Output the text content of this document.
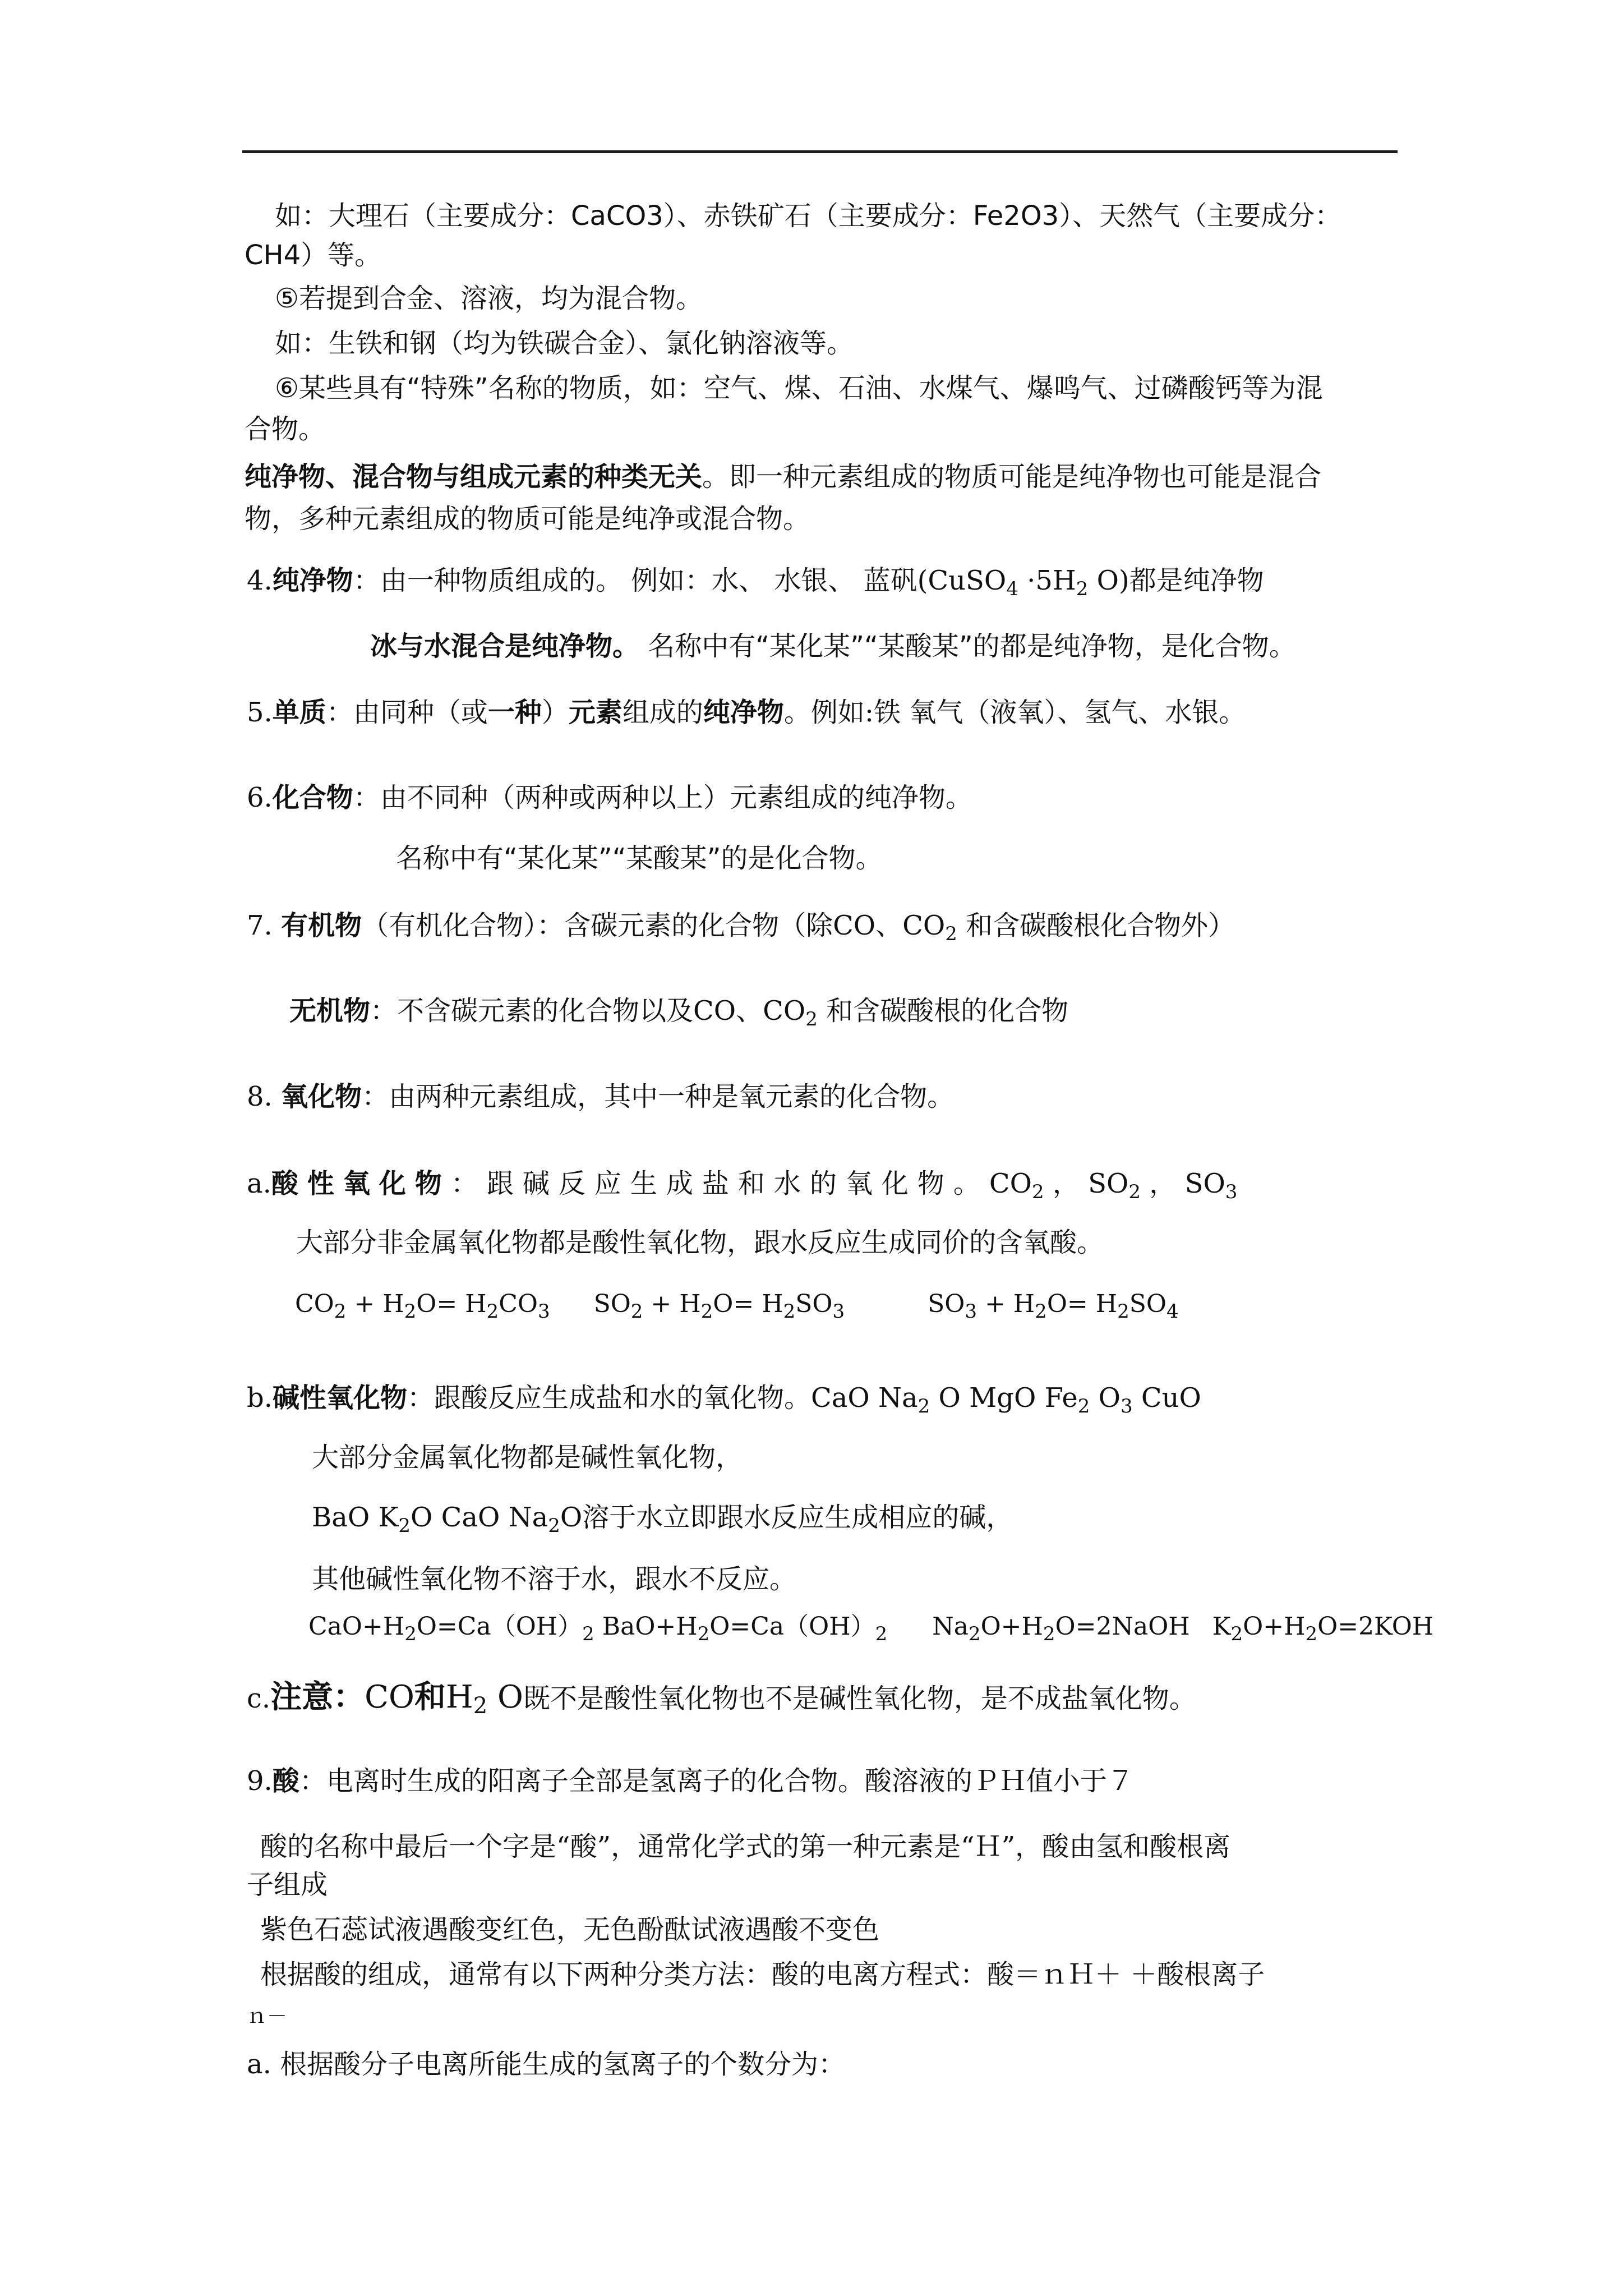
如：大理石（主要成分：CaCO3）、赤铁矿石（主要成分：Fe2O3）、天然气（主要成分：
CH4）等。
⑤若提到合金、溶液，均为混合物。
如：生铁和钢（均为铁碳合金）、氯化钠溶液等。
⑥某些具有“特殊”名称的物质，如：空气、煤、石油、水煤气、爆鸣气、过磷酸钙等为混
合物。
纯净物、混合物与组成元素的种类无关。即一种元素组成的物质可能是纯净物也可能是混合
物，多种元素组成的物质可能是纯净或混合物。
4.纯净物：由一种物质组成的。 例如：水、 水银、 蓝矾(CuSO$_4$ $\cdot 5H_2$ O)都是纯净物
冰与水混合是纯净物。 名称中有“某化某”“某酸某”的都是纯净物，是化合物。
5.单质：由同种（或一种）元素组成的纯净物。例如:铁 氧气（液氧）、氢气、水银。
6.化合物：由不同种（两种或两种以上）元素组成的纯净物。
名称中有“某化某”“某酸某”的是化合物。
7. 有机物（有机化合物）：含碳元素的化合物（除CO、$CO_2$ 和含碳酸根化合物外）
无机物：不含碳元素的化合物以及CO、$CO_2$ 和含碳酸根的化合物
8. 氧化物：由两种元素组成，其中一种是氧元素的化合物。
a.酸性氧化物：跟碱反应生成盐和水的氧化物。$CO_2$ ， $SO_2$ ， $SO_3$
大部分非金属氧化物都是酸性氧化物，跟水反应生成同价的含氧酸。
$CO_2 + H_2O= H_2CO_3$ $SO_2 + H_2O= H_2SO_3$	$SO_3 + H_2O= H_2SO_4$
b.碱性氧化物：跟酸反应生成盐和水的氧化物。CaO $Na_2$ O MgO $Fe_2$ $O_3$ CuO
大部分金属氧化物都是碱性氧化物，
BaO $K_2O$ CaO $Na_2O$溶于水立即跟水反应生成相应的碱，
其他碱性氧化物不溶于水，跟水不反应。
$CaO+H_2O=Ca(OH)_2$ $BaO+H_2O=Ca(OH)_2$ $Na_2O+H_2O=2NaOH$ $K_2O+H_2O=2KOH$
c.注意：CO和$H_2$ O既不是酸性氧化物也不是碱性氧化物，是不成盐氧化物。
9.酸：电离时生成的阳离子全部是氢离子的化合物。酸溶液的ＰＨ值小于７
酸的名称中最后一个字是“酸”，通常化学式的第一种元素是“Ｈ”，酸由氢和酸根离
子组成
紫色石蕊试液遇酸变红色，无色酚酞试液遇酸不变色
根据酸的组成，通常有以下两种分类方法：酸的电离方程式：酸＝ｎＨ＋ ＋酸根离子
ｎ－
a. 根据酸分子电离所能生成的氢离子的个数分为：
